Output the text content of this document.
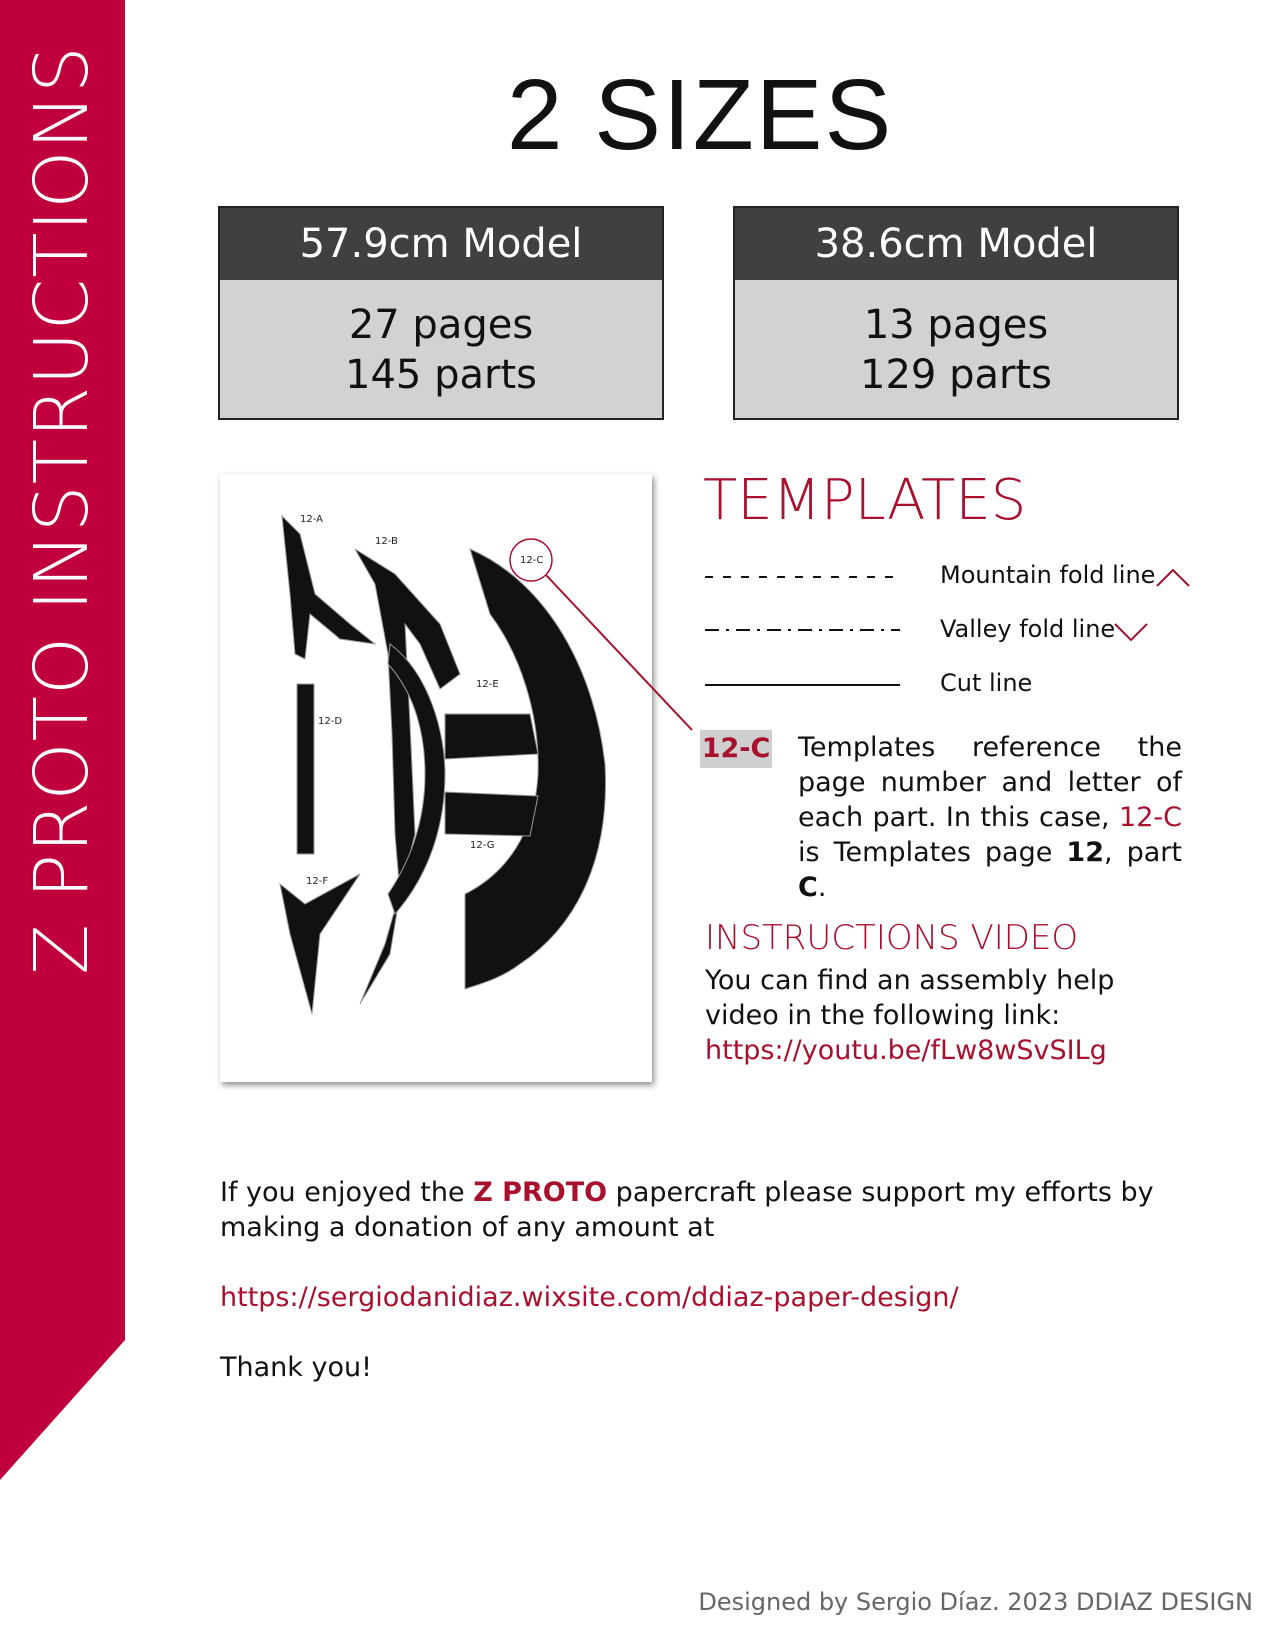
Z PROTO INSTRUCTIONS	2 SIZES
57.9cm Model
27 pages
145 parts
38.6cm Model
13 pages
129 parts
12-A
12-B
12-C
12-D
12-E
12-F
12-G
TEMPLATES
Mountain fold line
Valley fold line
Cut line
12-C Templates reference the page number and letter of each part. In this case, 12-C is Templates page 12, part C.
INSTRUCTIONS VIDEO
You can find an assembly help video in the following link:
https://youtu.be/fLw8wSvSILg
If you enjoyed the Z PROTO papercraft please support my efforts by making a donation of any amount at
https://sergiodanidiaz.wixsite.com/ddiaz-paper-design/
Thank you!
Designed by Sergio Díaz. 2023 DDIAZ DESIGN
